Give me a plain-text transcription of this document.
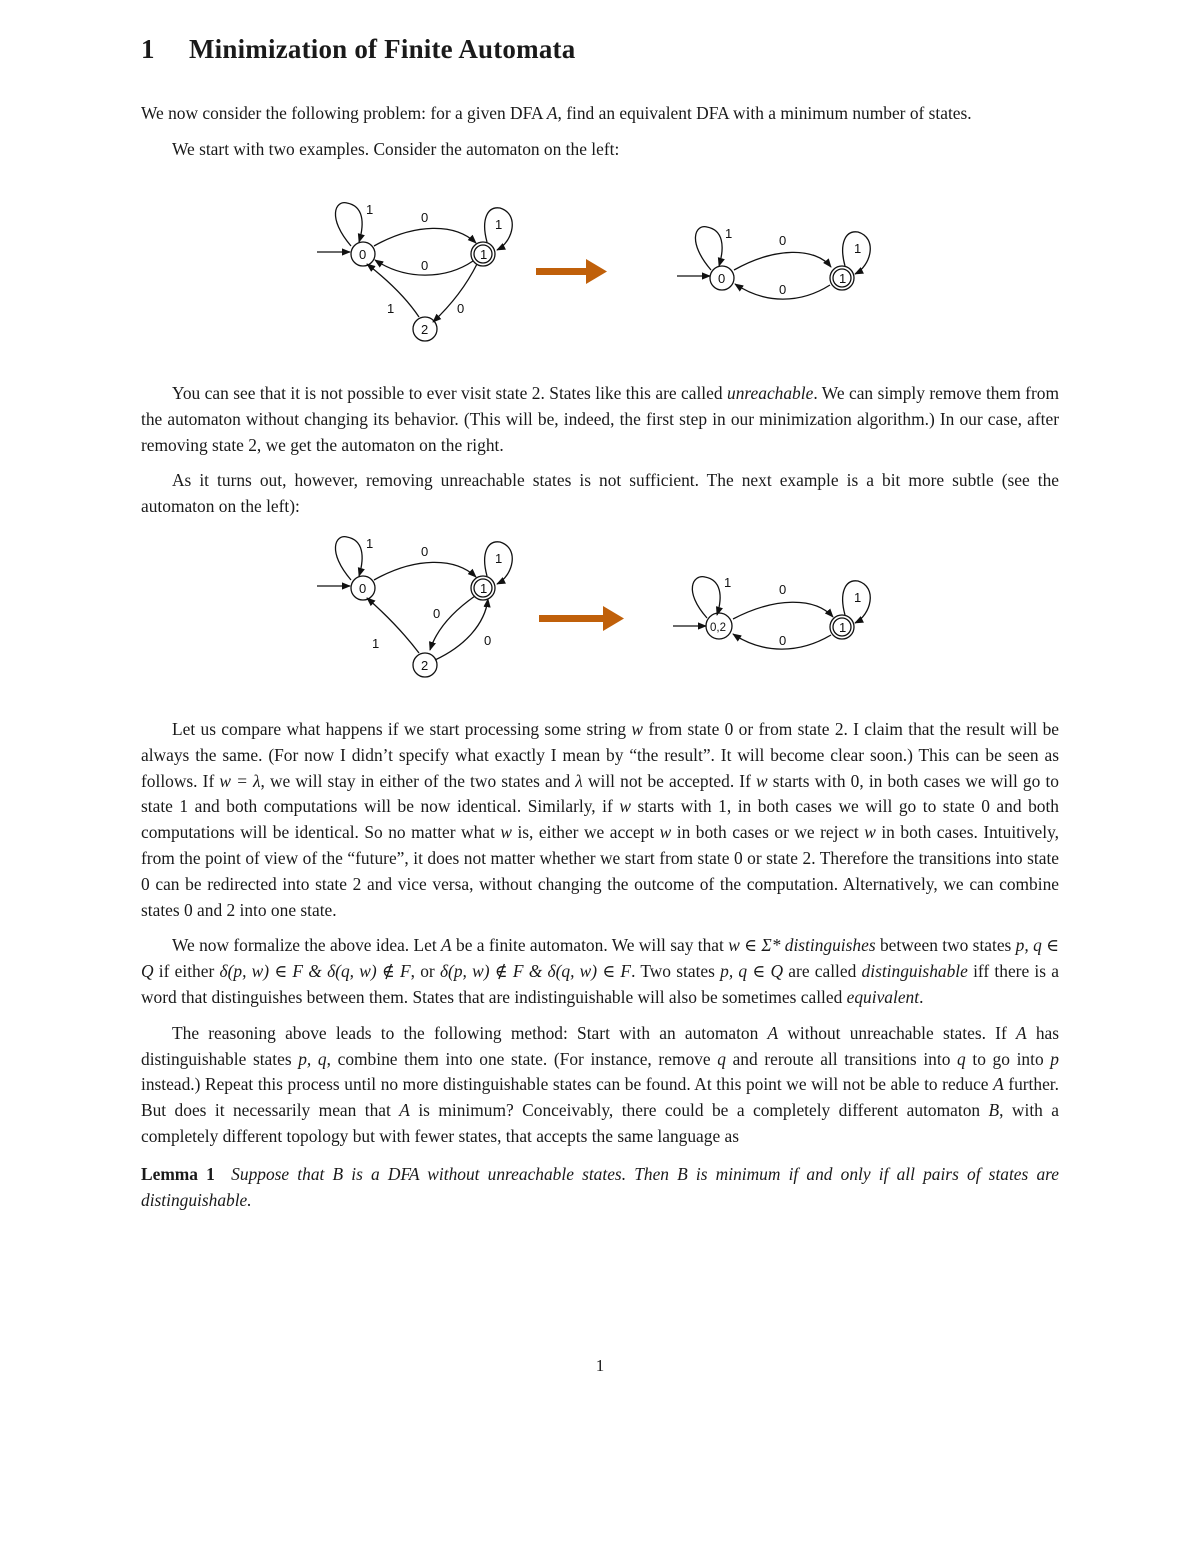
1 Minimization of Finite Automata

We now consider the following problem: for a given DFA A, find an equivalent DFA with a minimum number of states.

We start with two examples. Consider the automaton on the left:

0	1
2
1
0	1
0
1	0
0	1
1	0
1
0

You can see that it is not possible to ever visit state 2. States like this are called unreachable. We can simply remove them from the automaton without changing its behavior. (This will be, indeed, the first step in our minimization algorithm.) In our case, after removing state 2, we get the automaton on the right.

As it turns out, however, removing unreachable states is not sufficient. The next example is a bit more subtle (see the automaton on the left):

0	1
2
1
0	1
0
1	0
0,2	1
1	0
1
0

Let us compare what happens if we start processing some string w from state 0 or from state 2. I claim that the result will be always the same. (For now I didn’t specify what exactly I mean by “the result”. It will become clear soon.) This can be seen as follows. If w = λ, we will stay in either of the two states and λ will not be accepted. If w starts with 0, in both cases we will go to state 1 and both computations will be now identical. Similarly, if w starts with 1, in both cases we will go to state 0 and both computations will be identical. So no matter what w is, either we accept w in both cases or we reject w in both cases. Intuitively, from the point of view of the “future”, it does not matter whether we start from state 0 or state 2. Therefore the transitions into state 0 can be redirected into state 2 and vice versa, without changing the outcome of the computation. Alternatively, we can combine states 0 and 2 into one state.

We now formalize the above idea. Let A be a finite automaton. We will say that w ∈ Σ* distinguishes between two states p, q ∈ Q if either δ(p, w) ∈ F & δ(q, w) ∉ F, or δ(p, w) ∉ F & δ(q, w) ∈ F. Two states p, q ∈ Q are called distinguishable iff there is a word that distinguishes between them. States that are indistinguishable will also be sometimes called equivalent.

The reasoning above leads to the following method: Start with an automaton A without unreachable states. If A has distinguishable states p, q, combine them into one state. (For instance, remove q and reroute all transitions into q to go into p instead.) Repeat this process until no more distinguishable states can be found. At this point we will not be able to reduce A further. But does it necessarily mean that A is minimum? Conceivably, there could be a completely different automaton B, with a completely different topology but with fewer states, that accepts the same language as

Lemma 1 Suppose that B is a DFA without unreachable states. Then B is minimum if and only if all pairs of states are distinguishable.

1
